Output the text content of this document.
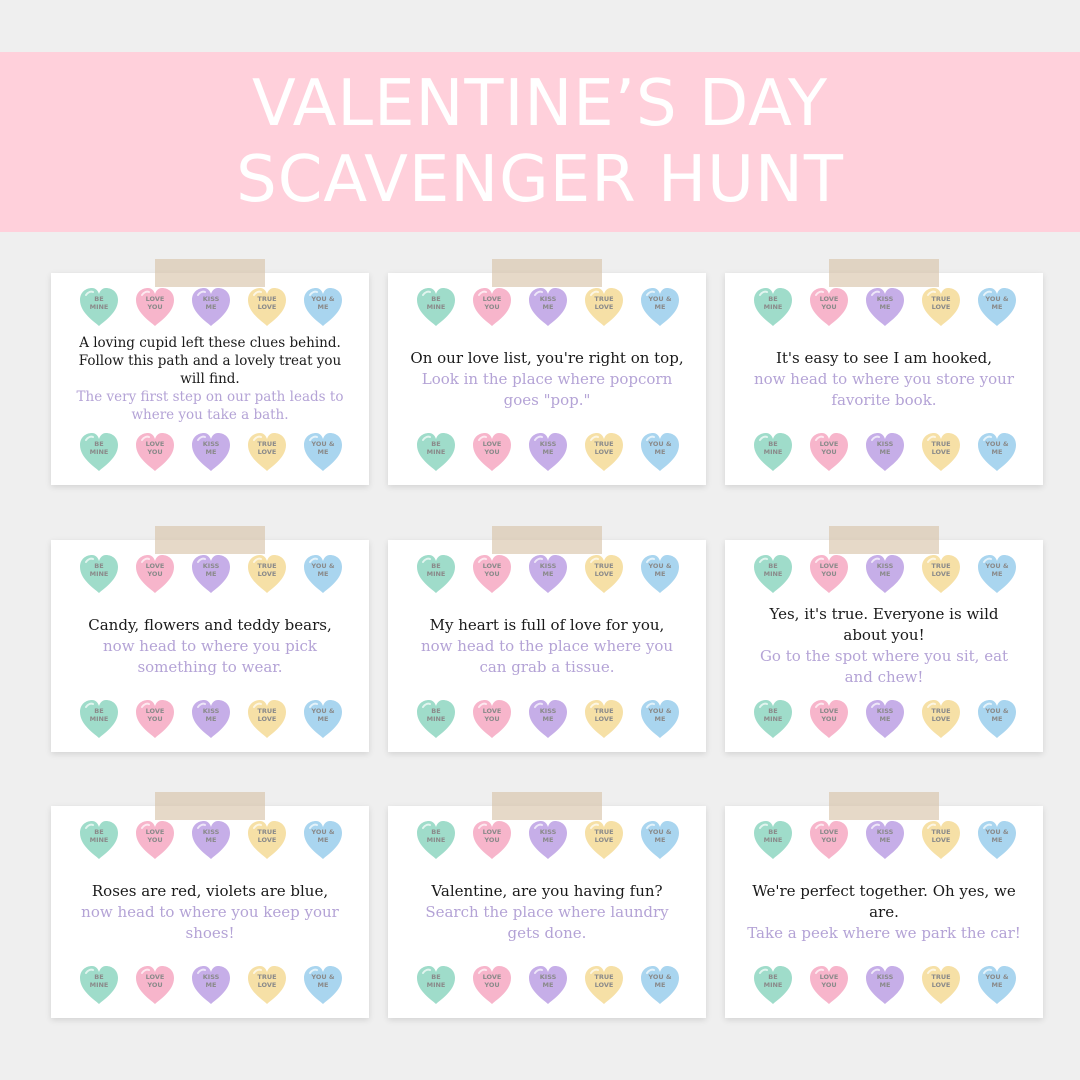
VALENTINE’S DAY
SCAVENGER HUNT
BE
MINE
LOVE
YOU
KISS
ME
TRUE
LOVE
YOU &
ME
A loving cupid left these clues behind. Follow this path and a lovely treat you will find.
The very first step on our path leads to where you take a bath.
BE
MINE
LOVE
YOU
KISS
ME
TRUE
LOVE
YOU &
ME
BE
MINE
LOVE
YOU
KISS
ME
TRUE
LOVE
YOU &
ME
On our love list, you're right on top,
Look in the place where popcorn goes "pop."
BE
MINE
LOVE
YOU
KISS
ME
TRUE
LOVE
YOU &
ME
BE
MINE
LOVE
YOU
KISS
ME
TRUE
LOVE
YOU &
ME
It's easy to see I am hooked,
now head to where you store your favorite book.
BE
MINE
LOVE
YOU
KISS
ME
TRUE
LOVE
YOU &
ME
BE
MINE
LOVE
YOU
KISS
ME
TRUE
LOVE
YOU &
ME
Candy, flowers and teddy bears,
now head to where you pick something to wear.
BE
MINE
LOVE
YOU
KISS
ME
TRUE
LOVE
YOU &
ME
BE
MINE
LOVE
YOU
KISS
ME
TRUE
LOVE
YOU &
ME
My heart is full of love for you,
now head to the place where you can grab a tissue.
BE
MINE
LOVE
YOU
KISS
ME
TRUE
LOVE
YOU &
ME
BE
MINE
LOVE
YOU
KISS
ME
TRUE
LOVE
YOU &
ME
Yes, it's true. Everyone is wild about you!
Go to the spot where you sit, eat and chew!
BE
MINE
LOVE
YOU
KISS
ME
TRUE
LOVE
YOU &
ME
BE
MINE
LOVE
YOU
KISS
ME
TRUE
LOVE
YOU &
ME
Roses are red, violets are blue,
now head to where you keep your shoes!
BE
MINE
LOVE
YOU
KISS
ME
TRUE
LOVE
YOU &
ME
BE
MINE
LOVE
YOU
KISS
ME
TRUE
LOVE
YOU &
ME
Valentine, are you having fun?
Search the place where laundry gets done.
BE
MINE
LOVE
YOU
KISS
ME
TRUE
LOVE
YOU &
ME
BE
MINE
LOVE
YOU
KISS
ME
TRUE
LOVE
YOU &
ME
We're perfect together. Oh yes, we are.
Take a peek where we park the car!
BE
MINE
LOVE
YOU
KISS
ME
TRUE
LOVE
YOU &
ME
